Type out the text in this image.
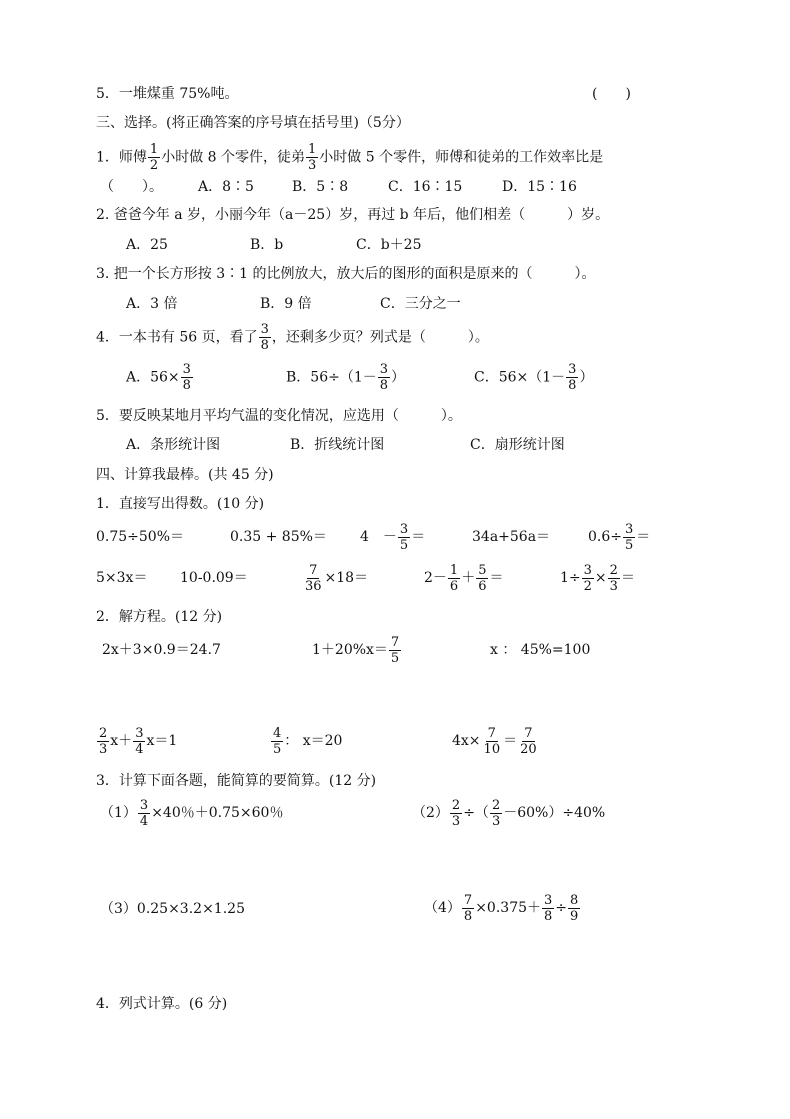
5．一堆煤重 75%吨。	(　　)
三、选择。(将正确答案的序号填在括号里)（5分）
1．师傅 $\frac{1}{2}$ 小时做 8 个零件，徒弟 $\frac{1}{3}$ 小时做 5 个零件，师傅和徒弟的工作效率比是
（　　）。	A．8∶5	B．5∶8	C．16∶15	D．15∶16
2. 爸爸今年 a 岁，小丽今年（a－25）岁，再过 b 年后，他们相差（　　　）岁。
A．25	B．b	C．b＋25
3. 把一个长方形按 3∶1 的比例放大，放大后的图形的面积是原来的（　　　）。
A．3 倍	B．9 倍	C．三分之一
4．一本书有 56 页，看了 $\frac{3}{8}$ ，还剩多少页？列式是（　　　）。
A．$56\times \frac{3}{8}$	B．$56\div(1- \frac{3}{8}$ ）	C．$56\times(1- \frac{3}{8}$ ）
5．要反映某地月平均气温的变化情况，应选用（　　　）。
A．条形统计图	B．折线统计图	C．扇形统计图
四、计算我最棒。(共 45 分)
1．直接写出得数。(10 分)
0.75÷50%＝	0.35 + 85%＝ 4　－ $\frac{3}{5}$ ＝	34a+56a＝	$0.6\div \frac{3}{5}$ ＝
5×3x＝ 10-0.09＝	$\frac{7}{36} \times 18=$	$2- \frac{1}{6} + \frac{5}{6}$ ＝	$1\div \frac{3}{2} \times \frac{2}{3}$ ＝
2．解方程。(12 分)
2x＋3×0.9＝24.7	$1+20\%x= \frac{7}{5}$	x ： 45%=100
$\frac{2}{3} x+ \frac{3}{4} x=1$	$\frac{4}{5}$ ： x＝20	$4x\times \frac{7}{10} = \frac{7}{20}$
3．计算下面各题，能简算的要简算。(12 分)
$(1) \frac{3}{4} \times 40$％＋0.75×60％	$(2) \frac{2}{3}$ ÷（ $\frac{2}{3} -60\%)\div 40\%$
（3）0.25×3.2×1.25	$(4) \frac{7}{8} \times 0.375+ \frac{3}{8} \div \frac{8}{9}$
4．列式计算。(6 分)
